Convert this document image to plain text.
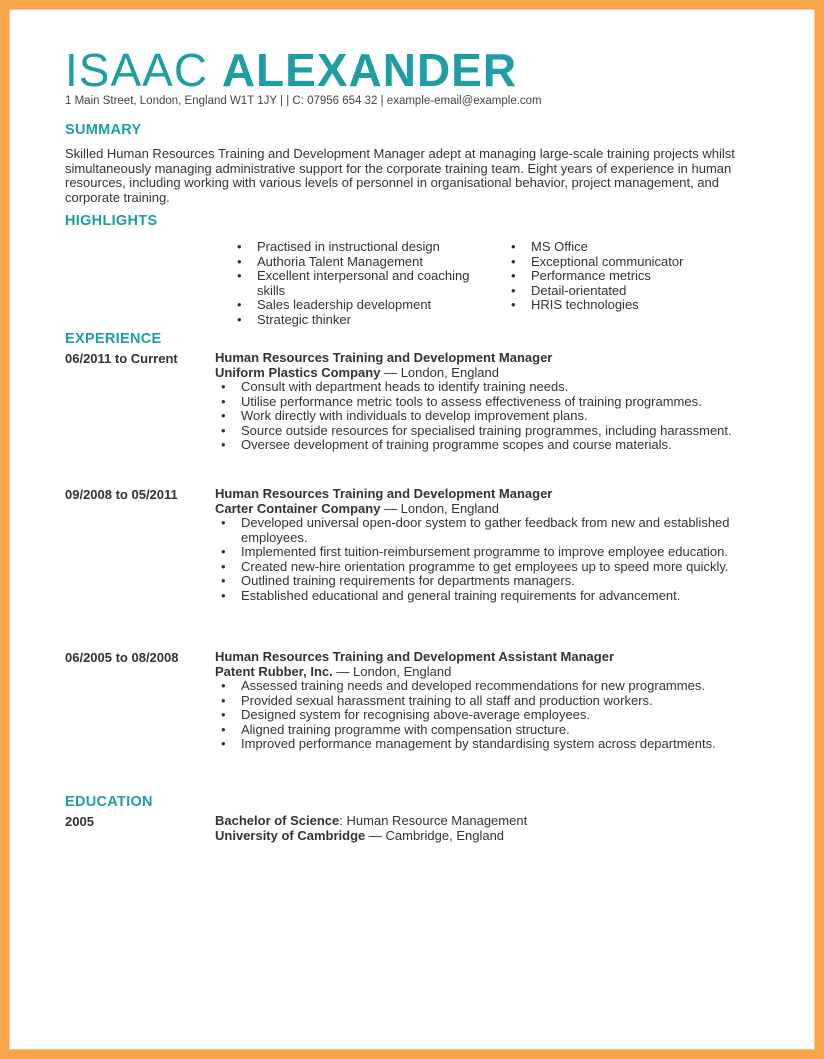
ISAAC ALEXANDER
1 Main Street, London, England W1T 1JY | | C: 07956 654 32 | example-email@example.com
SUMMARY
Skilled Human Resources Training and Development Manager adept at managing large-scale training projects whilst simultaneously managing administrative support for the corporate training team. Eight years of experience in human resources, including working with various levels of personnel in organisational behavior, project management, and corporate training.
HIGHLIGHTS
• Practised in instructional design
• Authoria Talent Management
• Excellent interpersonal and coaching skills
• Sales leadership development
• Strategic thinker
• MS Office
• Exceptional communicator
• Performance metrics
• Detail-orientated
• HRIS technologies
EXPERIENCE
06/2011 to Current	Human Resources Training and Development Manager
Uniform Plastics Company — London, England
• Consult with department heads to identify training needs.
• Utilise performance metric tools to assess effectiveness of training programmes.
• Work directly with individuals to develop improvement plans.
• Source outside resources for specialised training programmes, including harassment.
• Oversee development of training programme scopes and course materials.
09/2008 to 05/2011	Human Resources Training and Development Manager
Carter Container Company — London, England
• Developed universal open-door system to gather feedback from new and established employees.
• Implemented first tuition-reimbursement programme to improve employee education.
• Created new-hire orientation programme to get employees up to speed more quickly.
• Outlined training requirements for departments managers.
• Established educational and general training requirements for advancement.
06/2005 to 08/2008	Human Resources Training and Development Assistant Manager
Patent Rubber, Inc. — London, England
• Assessed training needs and developed recommendations for new programmes.
• Provided sexual harassment training to all staff and production workers.
• Designed system for recognising above-average employees.
• Aligned training programme with compensation structure.
• Improved performance management by standardising system across departments.
EDUCATION
2005	Bachelor of Science: Human Resource Management
University of Cambridge — Cambridge, England
